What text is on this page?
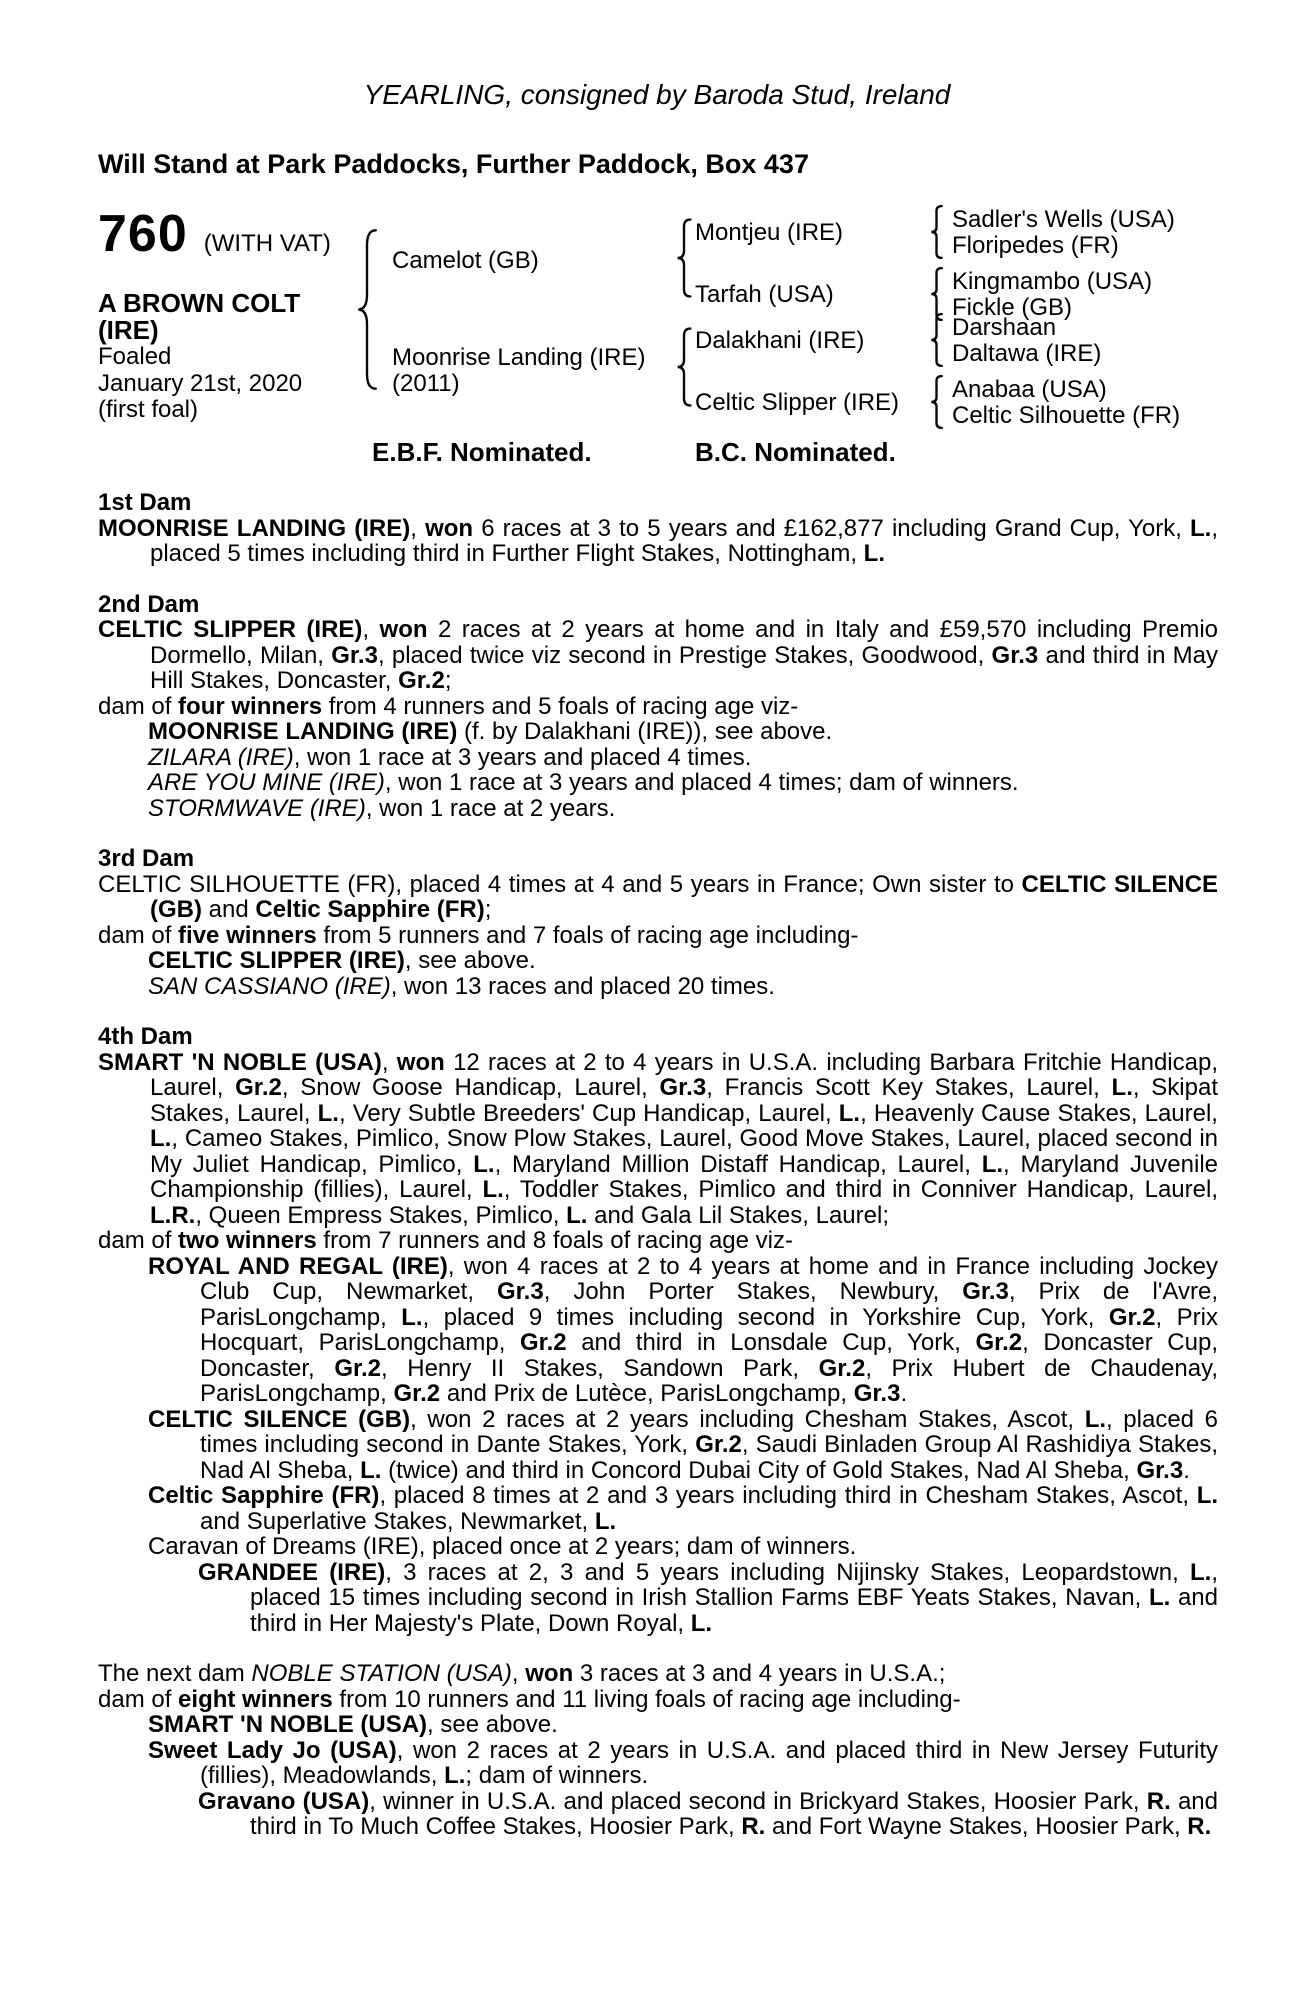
YEARLING, consigned by Baroda Stud, Ireland
Will Stand at Park Paddocks, Further Paddock, Box 437
760 (WITH VAT)
A BROWN COLT
(IRE)
Foaled
January 21st, 2020
(first foal)
Camelot (GB)
Moonrise Landing (IRE)
(2011)
Montjeu (IRE)
Tarfah (USA)
Dalakhani (IRE)
Celtic Slipper (IRE)
Sadler's Wells (USA)
Floripedes (FR)
Kingmambo (USA)
Fickle (GB)
Darshaan
Daltawa (IRE)
Anabaa (USA)
Celtic Silhouette (FR)
E.B.F. Nominated.	B.C. Nominated.

1st Dam

MOONRISE LANDING (IRE), won 6 races at 3 to 5 years and £162,877 including Grand Cup, York, L., placed 5 times including third in Further Flight Stakes, Nottingham, L.

2nd Dam

CELTIC SLIPPER (IRE), won 2 races at 2 years at home and in Italy and £59,570 including Premio Dormello, Milan, Gr.3, placed twice viz second in Prestige Stakes, Goodwood, Gr.3 and third in May Hill Stakes, Doncaster, Gr.2;

dam of four winners from 4 runners and 5 foals of racing age viz-

MOONRISE LANDING (IRE) (f. by Dalakhani (IRE)), see above.

ZILARA (IRE), won 1 race at 3 years and placed 4 times.

ARE YOU MINE (IRE), won 1 race at 3 years and placed 4 times; dam of winners.

STORMWAVE (IRE), won 1 race at 2 years.

3rd Dam

CELTIC SILHOUETTE (FR), placed 4 times at 4 and 5 years in France; Own sister to CELTIC SILENCE (GB) and Celtic Sapphire (FR);

dam of five winners from 5 runners and 7 foals of racing age including-

CELTIC SLIPPER (IRE), see above.

SAN CASSIANO (IRE), won 13 races and placed 20 times.

4th Dam

SMART 'N NOBLE (USA), won 12 races at 2 to 4 years in U.S.A. including Barbara Fritchie Handicap, Laurel, Gr.2, Snow Goose Handicap, Laurel, Gr.3, Francis Scott Key Stakes, Laurel, L., Skipat Stakes, Laurel, L., Very Subtle Breeders' Cup Handicap, Laurel, L., Heavenly Cause Stakes, Laurel, L., Cameo Stakes, Pimlico, Snow Plow Stakes, Laurel, Good Move Stakes, Laurel, placed second in My Juliet Handicap, Pimlico, L., Maryland Million Distaff Handicap, Laurel, L., Maryland Juvenile Championship (fillies), Laurel, L., Toddler Stakes, Pimlico and third in Conniver Handicap, Laurel, L.R., Queen Empress Stakes, Pimlico, L. and Gala Lil Stakes, Laurel;

dam of two winners from 7 runners and 8 foals of racing age viz-

ROYAL AND REGAL (IRE), won 4 races at 2 to 4 years at home and in France including Jockey Club Cup, Newmarket, Gr.3, John Porter Stakes, Newbury, Gr.3, Prix de l'Avre, ParisLongchamp, L., placed 9 times including second in Yorkshire Cup, York, Gr.2, Prix Hocquart, ParisLongchamp, Gr.2 and third in Lonsdale Cup, York, Gr.2, Doncaster Cup, Doncaster, Gr.2, Henry II Stakes, Sandown Park, Gr.2, Prix Hubert de Chaudenay, ParisLongchamp, Gr.2 and Prix de Lutèce, ParisLongchamp, Gr.3.

CELTIC SILENCE (GB), won 2 races at 2 years including Chesham Stakes, Ascot, L., placed 6 times including second in Dante Stakes, York, Gr.2, Saudi Binladen Group Al Rashidiya Stakes, Nad Al Sheba, L. (twice) and third in Concord Dubai City of Gold Stakes, Nad Al Sheba, Gr.3.

Celtic Sapphire (FR), placed 8 times at 2 and 3 years including third in Chesham Stakes, Ascot, L. and Superlative Stakes, Newmarket, L.

Caravan of Dreams (IRE), placed once at 2 years; dam of winners.

GRANDEE (IRE), 3 races at 2, 3 and 5 years including Nijinsky Stakes, Leopardstown, L., placed 15 times including second in Irish Stallion Farms EBF Yeats Stakes, Navan, L. and third in Her Majesty's Plate, Down Royal, L.

The next dam NOBLE STATION (USA), won 3 races at 3 and 4 years in U.S.A.;

dam of eight winners from 10 runners and 11 living foals of racing age including-

SMART 'N NOBLE (USA), see above.

Sweet Lady Jo (USA), won 2 races at 2 years in U.S.A. and placed third in New Jersey Futurity (fillies), Meadowlands, L.; dam of winners.

Gravano (USA), winner in U.S.A. and placed second in Brickyard Stakes, Hoosier Park, R. and third in To Much Coffee Stakes, Hoosier Park, R. and Fort Wayne Stakes, Hoosier Park, R.
